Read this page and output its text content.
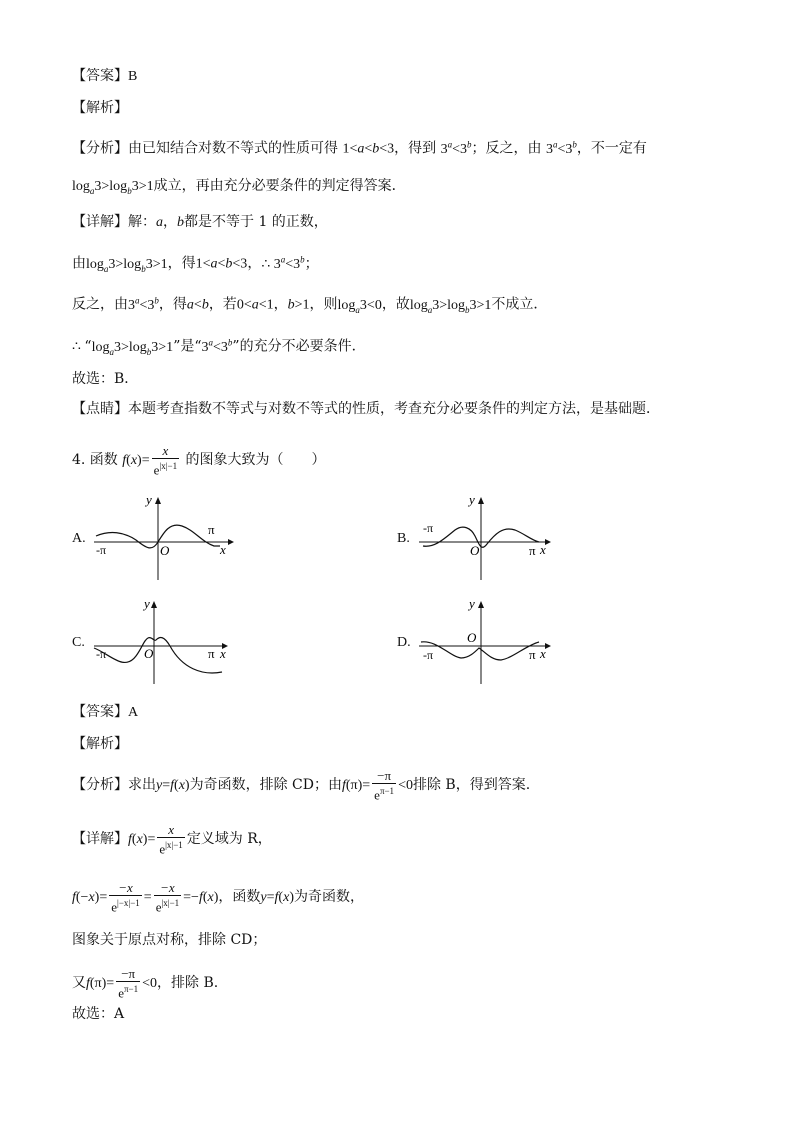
【答案】B
【解析】
【分析】由已知结合对数不等式的性质可得 1<a<b<3，得到 $3^a<3^b$；反之，由 $3^a<3^b$，不一定有
$\log_a3>\log_b3>1$成立，再由充分必要条件的判定得答案．
【详解】解：a，b都是不等于 1 的正数，
由$\log_a3>\log_b3>1$，得1<a<b<3，∴ $3^a<3^b$；
反之，由$3^a<3^b$，得a<b，若0<a<1，b>1，则$\log_a3<0$，故$\log_a3>\log_b3>1$不成立．
∴ “$\log_a3>\log_b3>1$”是“$3^a<3^b$”的充分不必要条件．
故选：B．
【点睛】本题考查指数不等式与对数不等式的性质，考查充分必要条件的判定方法，是基础题．
4. 函数 $f(x)= \frac{x}{e^{|x|-1}}$ 的图象大致为（　　）
A.
-π
π
O	x
y
B.
-π
π
O	x
y
C.
-π	π
O	x
y
D.
-π	π
O
x
y
【答案】A
【解析】
【分析】求出y=f(x)为奇函数，排除 CD；由$f(\pi)= \frac{-\pi}{e^{\pi-1}} <0$排除 B，得到答案.
【详解】$f(x)= \frac{x}{e^{|x|-1}}$ 定义域为 R，
$f(-x)= \frac{-x}{e^{|-x|-1}} = \frac{-x}{e^{|x|-1}} =-f(x)$，函数y=f(x)为奇函数，
图象关于原点对称，排除 CD；
又$f(\pi)= \frac{-\pi}{e^{\pi-1}} <0$，排除 B.
故选：A
